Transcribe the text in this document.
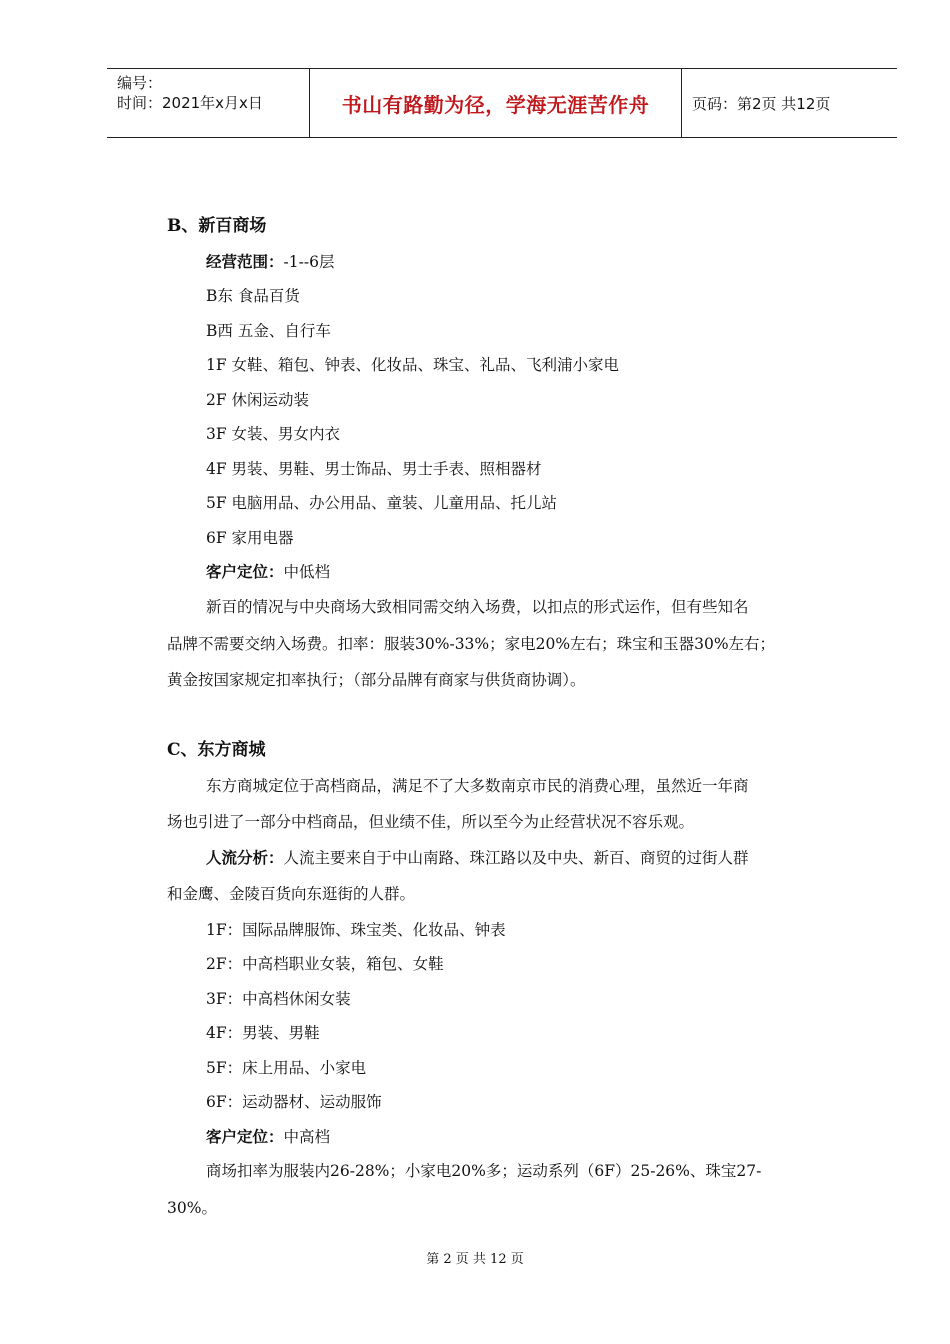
编号：
时间：2021年x月x日	书山有路勤为径，学海无涯苦作舟	页码：第2页 共12页
B、新百商场
经营范围：-1--6层
B东 食品百货
B西 五金、自行车
1F 女鞋、箱包、钟表、化妆品、珠宝、礼品、飞利浦小家电
2F 休闲运动装
3F 女装、男女内衣
4F 男装、男鞋、男士饰品、男士手表、照相器材
5F 电脑用品、办公用品、童装、儿童用品、托儿站
6F 家用电器
客户定位：中低档
新百的情况与中央商场大致相同需交纳入场费，以扣点的形式运作，但有些知名
品牌不需要交纳入场费。扣率：服装30%-33%；家电20%左右；珠宝和玉器30%左右；
黄金按国家规定扣率执行；（部分品牌有商家与供货商协调）。
C、东方商城
东方商城定位于高档商品，满足不了大多数南京市民的消费心理，虽然近一年商
场也引进了一部分中档商品，但业绩不佳，所以至今为止经营状况不容乐观。
人流分析：人流主要来自于中山南路、珠江路以及中央、新百、商贸的过街人群
和金鹰、金陵百货向东逛街的人群。
1F：国际品牌服饰、珠宝类、化妆品、钟表
2F：中高档职业女装，箱包、女鞋
3F：中高档休闲女装
4F：男装、男鞋
5F：床上用品、小家电
6F：运动器材、运动服饰
客户定位：中高档
商场扣率为服装内26-28%；小家电20%多；运动系列（6F）25-26%、珠宝27-
30%。
第 2 页 共 12 页
